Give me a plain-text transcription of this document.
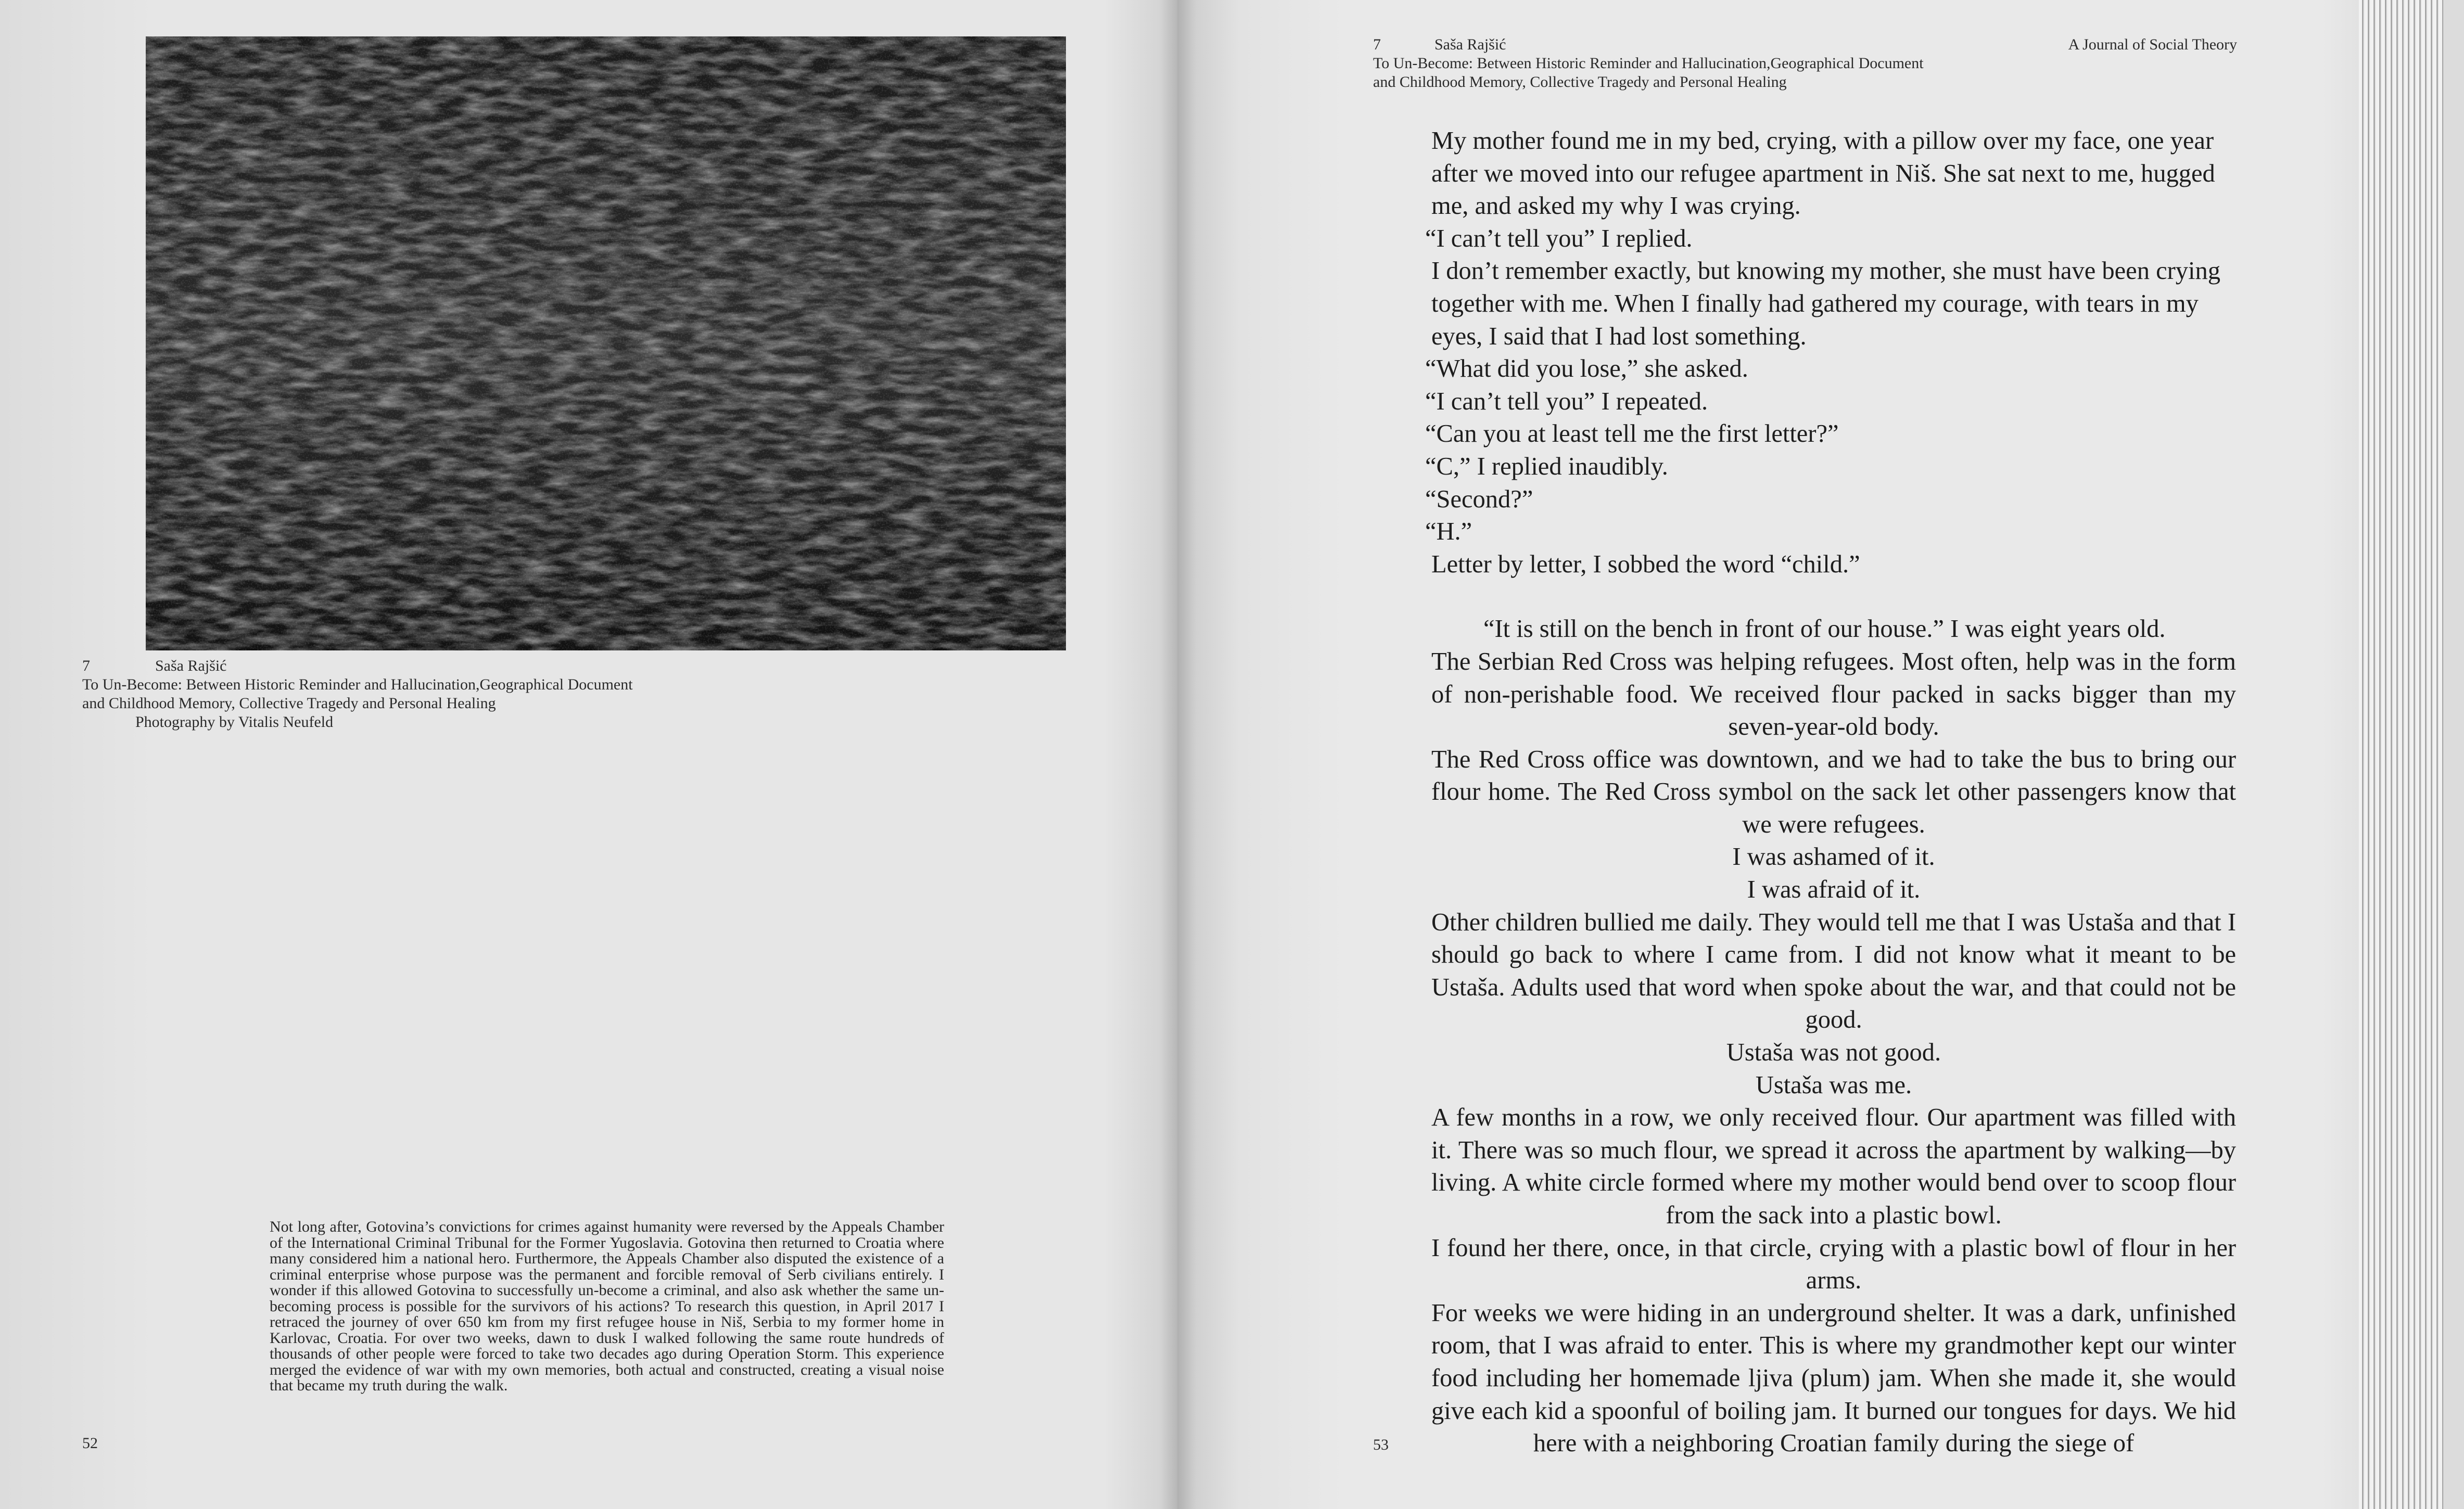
7	Saša Rajšić
To Un-Become: Between Historic Reminder and Hallucination,Geographical Document
and Childhood Memory, Collective Tragedy and Personal Healing
Photography by Vitalis Neufeld
Not long after, Gotovina’s convictions for crimes against humanity were reversed by the Appeals Chamber of the International Criminal Tribunal for the Former Yugoslavia. Gotovina then returned to Croatia where many considered him a national hero. Furthermore, the Appeals Chamber also disputed the existence of a criminal enterprise whose purpose was the permanent and forcible removal of Serb civilians entirely. I wonder if this allowed Gotovina to successfully un-become a criminal, and also ask whether the same un-becoming process is possible for the survivors of his actions? To research this question, in April 2017 I retraced the journey of over 650 km from my first refugee house in Niš, Serbia to my former home in Karlovac, Croatia. For over two weeks, dawn to dusk I walked following the same route hundreds of thousands of other people were forced to take two decades ago during Operation Storm. This experience merged the evidence of war with my own memories, both actual and constructed, creating a visual noise that became my truth during the walk.
52
7	Saša Rajšić
To Un-Become: Between Historic Reminder and Hallucination,Geographical Document
and Childhood Memory, Collective Tragedy and Personal Healing
A Journal of Social Theory

My mother found me in my bed, crying, with a pillow over my face, one year after we moved into our refugee apartment in Niš. She sat next to me, hugged me, and asked my why I was crying.

“I can’t tell you” I replied.

I don’t remember exactly, but knowing my mother, she must have been crying together with me. When I finally had gathered my courage, with tears in my eyes, I said that I had lost something.

“What did you lose,” she asked.

“I can’t tell you” I repeated.

“Can you at least tell me the first letter?”

“C,” I replied inaudibly.

“Second?”

“H.”

Letter by letter, I sobbed the word “child.”

“It is still on the bench in front of our house.” I was eight years old.

The Serbian Red Cross was helping refugees. Most often, help was in the form of non-perishable food. We received flour packed in sacks bigger than my seven-year-old body.

The Red Cross office was downtown, and we had to take the bus to bring our flour home. The Red Cross symbol on the sack let other passengers know that we were refugees.

I was ashamed of it.

I was afraid of it.

Other children bullied me daily. They would tell me that I was Ustaša and that I should go back to where I came from. I did not know what it meant to be Ustaša. Adults used that word when spoke about the war, and that could not be good.

Ustaša was not good.

Ustaša was me.

A few months in a row, we only received flour. Our apartment was filled with it. There was so much flour, we spread it across the apartment by walking—by living. A white circle formed where my mother would bend over to scoop flour from the sack into a plastic bowl.

I found her there, once, in that circle, crying with a plastic bowl of flour in her arms.

For weeks we were hiding in an underground shelter. It was a dark, unfinished room, that I was afraid to enter. This is where my grandmother kept our winter food including her homemade ljiva (plum) jam. When she made it, she would give each kid a spoonful of boiling jam. It burned our tongues for days. We hid here with a neighboring Croatian family during the siege of

53
